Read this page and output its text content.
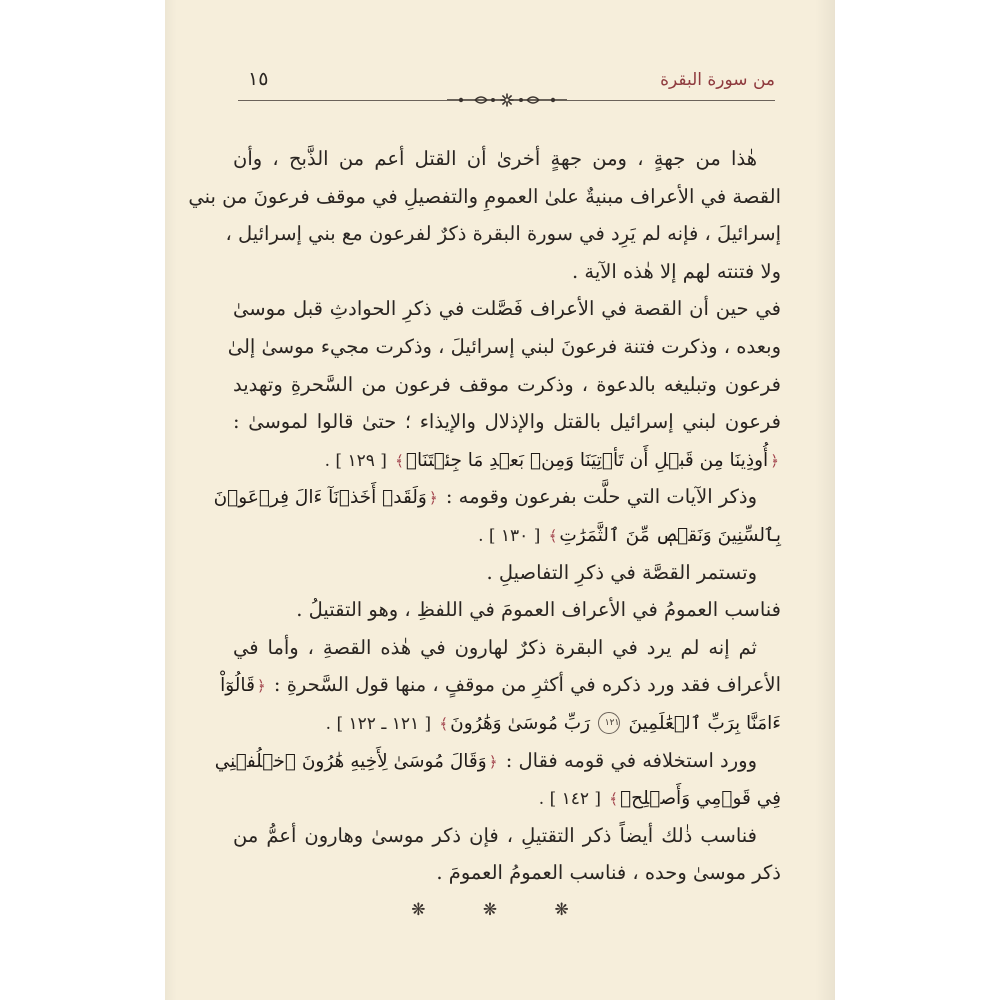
من سورة البقرة
١٥
هٰذا من جهةٍ ، ومن جهةٍ أخرىٰ أن القتل أعم من الذَّبح ، وأن
القصة في الأعراف مبنيةٌ علىٰ العمومِ والتفصيلِ في موقف فرعونَ من بني
إسرائيلَ ، فإنه لم يَرِد في سورة البقرة ذكرٌ لفرعون مع بني إسرائيل ،
ولا فتنته لهم إلا هٰذه الآية .
في حين أن القصة في الأعراف فَصَّلت في ذكرِ الحوادثِ قبل موسىٰ
وبعده ، وذكرت فتنة فرعونَ لبني إسرائيلَ ، وذكرت مجيء موسىٰ إلىٰ
فرعون وتبليغه بالدعوة ، وذكرت موقف فرعون من السَّحرةِ وتهديد
فرعون لبني إسرائيل بالقتل والإذلال والإيذاء ؛ حتىٰ قالوا لموسىٰ :
﴿أُوذِينَا مِن قَبۡلِ أَن تَأۡتِيَنَا وَمِنۢ بَعۡدِ مَا جِئۡتَنَاۚ﴾ [ ١٢٩ ] .
وذكر الآيات التي حلَّت بفرعون وقومه : ﴿وَلَقَدۡ أَخَذۡنَآ ءَالَ فِرۡعَوۡنَ
بِٱلسِّنِينَ وَنَقۡصٖ مِّنَ ٱلثَّمَرَٰتِ﴾ [ ١٣٠ ] .
وتستمر القصَّة في ذكرِ التفاصيلِ .
فناسب العمومُ في الأعراف العمومَ في اللفظِ ، وهو التقتيلُ .
ثم إنه لم يرد في البقرة ذكرٌ لهارون في هٰذه القصةِ ، وأما في
الأعراف فقد ورد ذكره في أكثرِ من موقفٍ ، منها قول السَّحرةِ : ﴿قَالُوٓاْ
ءَامَنَّا بِرَبِّ ٱلۡعَٰلَمِينَ ١٢١ رَبِّ مُوسَىٰ وَهَٰرُونَ﴾ [ ١٢١ ـ ١٢٢ ] .
وورد استخلافه في قومه فقال : ﴿وَقَالَ مُوسَىٰ لِأَخِيهِ هَٰرُونَ ٱخۡلُفۡنِي
فِي قَوۡمِي وَأَصۡلِحۡ﴾ [ ١٤٢ ] .
فناسب ذٰلك أيضاً ذكر التقتيلِ ، فإن ذكر موسىٰ وهارون أعمُّ من
ذكر موسىٰ وحده ، فناسب العمومُ العمومَ .
❋ ❋ ❋
